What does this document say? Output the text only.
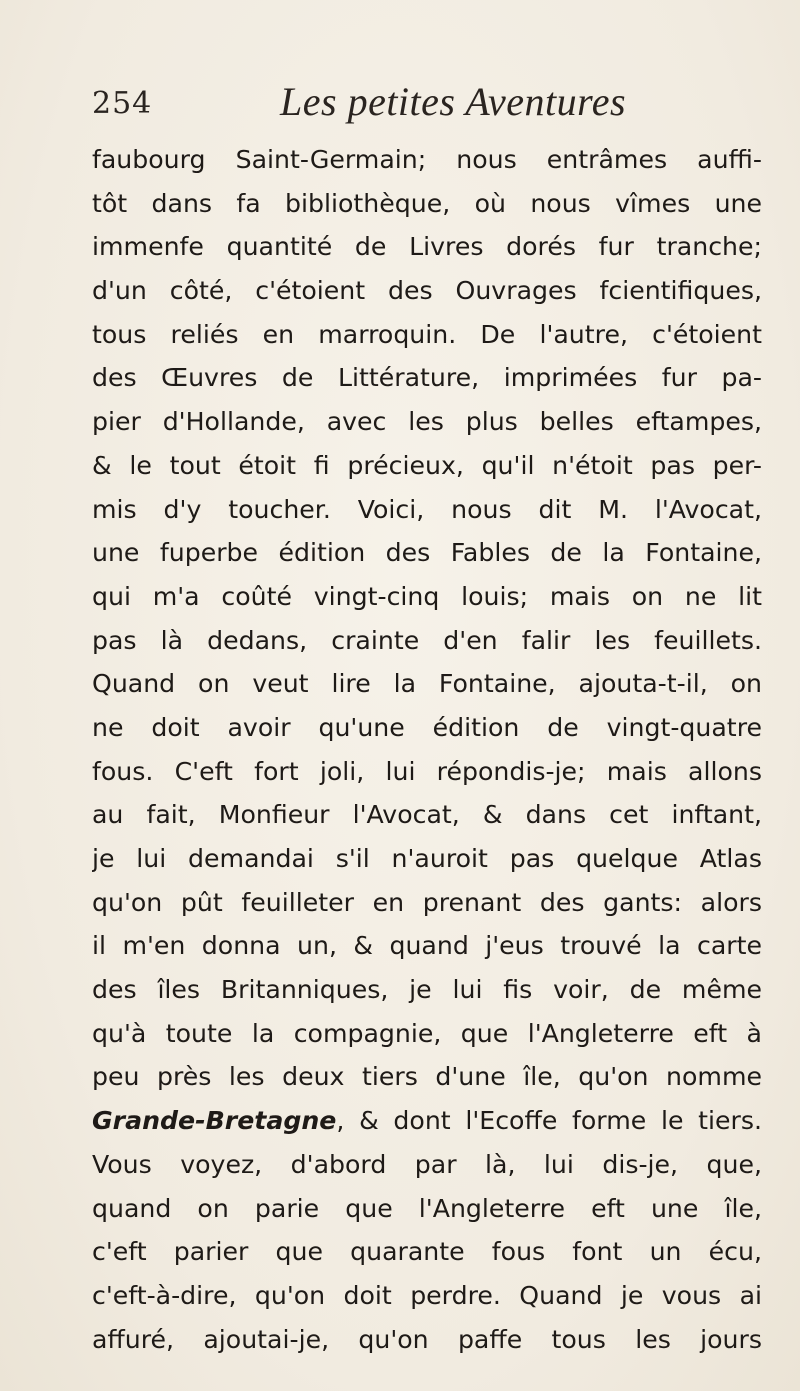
254	Les petites Aventures
faubourg Saint-Germain; nous entrâmes auffi-
tôt dans fa bibliothèque, où nous vîmes une
immenfe quantité de Livres dorés fur tranche;
d'un côté, c'étoient des Ouvrages fcientifiques,
tous reliés en marroquin. De l'autre, c'étoient
des Œuvres de Littérature, imprimées fur pa-
pier d'Hollande, avec les plus belles eftampes,
& le tout étoit fi précieux, qu'il n'étoit pas per-
mis d'y toucher. Voici, nous dit M. l'Avocat,
une fuperbe édition des Fables de la Fontaine,
qui m'a coûté vingt-cinq louis; mais on ne lit
pas là dedans, crainte d'en falir les feuillets.
Quand on veut lire la Fontaine, ajouta-t-il, on
ne doit avoir qu'une édition de vingt-quatre
fous. C'eft fort joli, lui répondis-je; mais allons
au fait, Monfieur l'Avocat, & dans cet inftant,
je lui demandai s'il n'auroit pas quelque Atlas
qu'on pût feuilleter en prenant des gants: alors
il m'en donna un, & quand j'eus trouvé la carte
des îles Britanniques, je lui fis voir, de même
qu'à toute la compagnie, que l'Angleterre eft à
peu près les deux tiers d'une île, qu'on nomme
Grande-Bretagne, & dont l'Ecoffe forme le tiers.
Vous voyez, d'abord par là, lui dis-je, que,
quand on parie que l'Angleterre eft une île,
c'eft parier que quarante fous font un écu,
c'eft-à-dire, qu'on doit perdre. Quand je vous ai
affuré, ajoutai-je, qu'on paffe tous les jours
